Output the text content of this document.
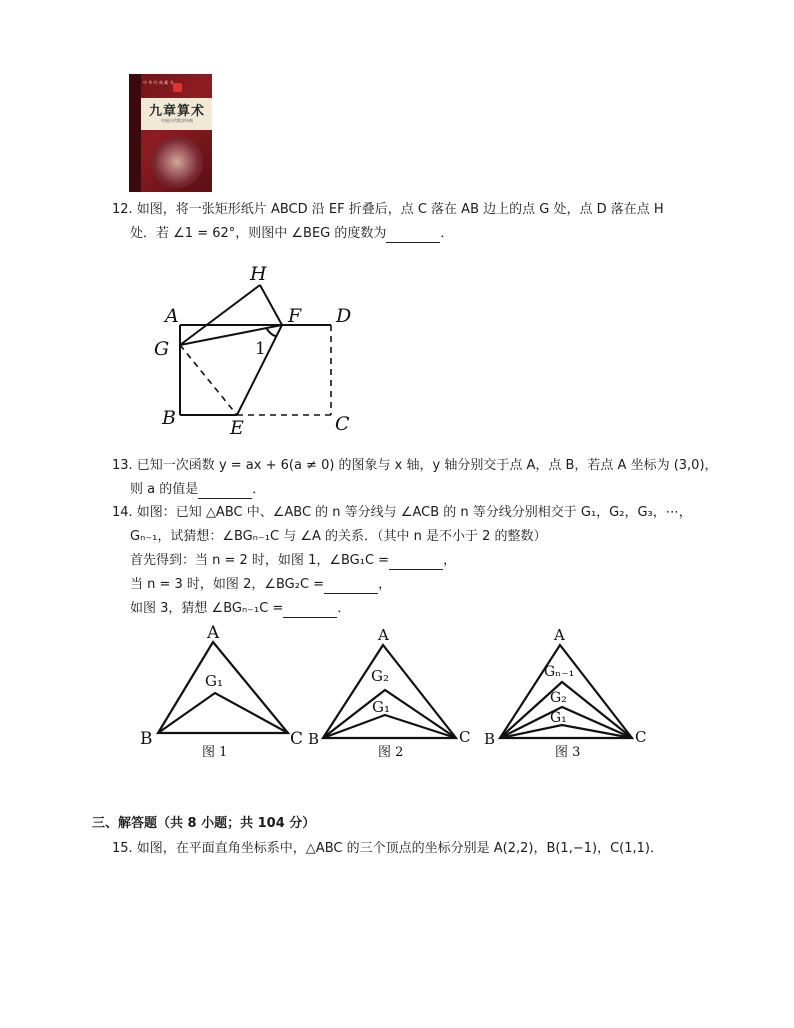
中 华 经 典 藏 书
九章算术
中国古代数学经典
12. 如图，将一张矩形纸片 ABCD 沿 EF 折叠后，点 C 落在 AB 边上的点 G 处，点 D 落在点 H
处．若 ∠1 = 62°，则图中 ∠BEG 的度数为	．
H
A	F D
G
B	E	C
1
13. 已知一次函数 y = ax + 6(a ≠ 0) 的图象与 x 轴，y 轴分别交于点 A，点 B，若点 A 坐标为 (3,0)，
则 a 的值是	．
14. 如图：已知 △ABC 中、∠ABC 的 n 等分线与 ∠ACB 的 n 等分线分别相交于 G₁，G₂，G₃，⋯，
Gₙ₋₁，试猜想：∠BGₙ₋₁C 与 ∠A 的关系．（其中 n 是不小于 2 的整数）
首先得到：当 n = 2 时，如图 1，∠BG₁C =	，
当 n = 3 时，如图 2，∠BG₂C =	，
如图 3，猜想 ∠BGₙ₋₁C =	．
A
B	C
G₁
图 1
A
B	C
G₂
G₁
图 2
A
B	C
Gₙ₋₁
G₂
G₁
图 3
三、解答题（共 8 小题；共 104 分）
15. 如图，在平面直角坐标系中，△ABC 的三个顶点的坐标分别是 A(2,2)，B(1,−1)，C(1,1)．
